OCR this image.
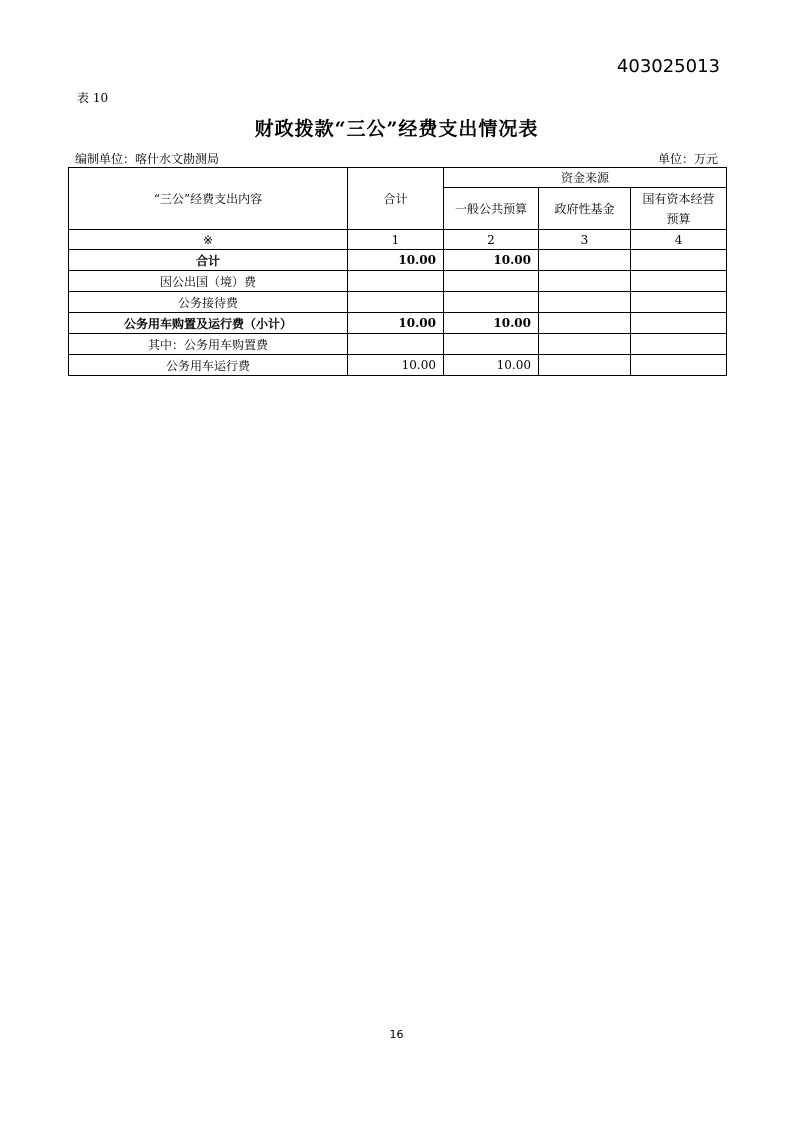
403025013
表 10
财政拨款“三公”经费支出情况表
编制单位：喀什水文勘测局	单位：万元
“三公”经费支出内容	合计	资金来源		
		一般公共预算	政府性基金	国有资本经营预算
※	1	2	3	4
合计	10.00	10.00		
因公出国（境）费				
公务接待费				
公务用车购置及运行费（小计）	10.00	10.00		
其中：公务用车购置费				
公务用车运行费	10.00	10.00		
16
